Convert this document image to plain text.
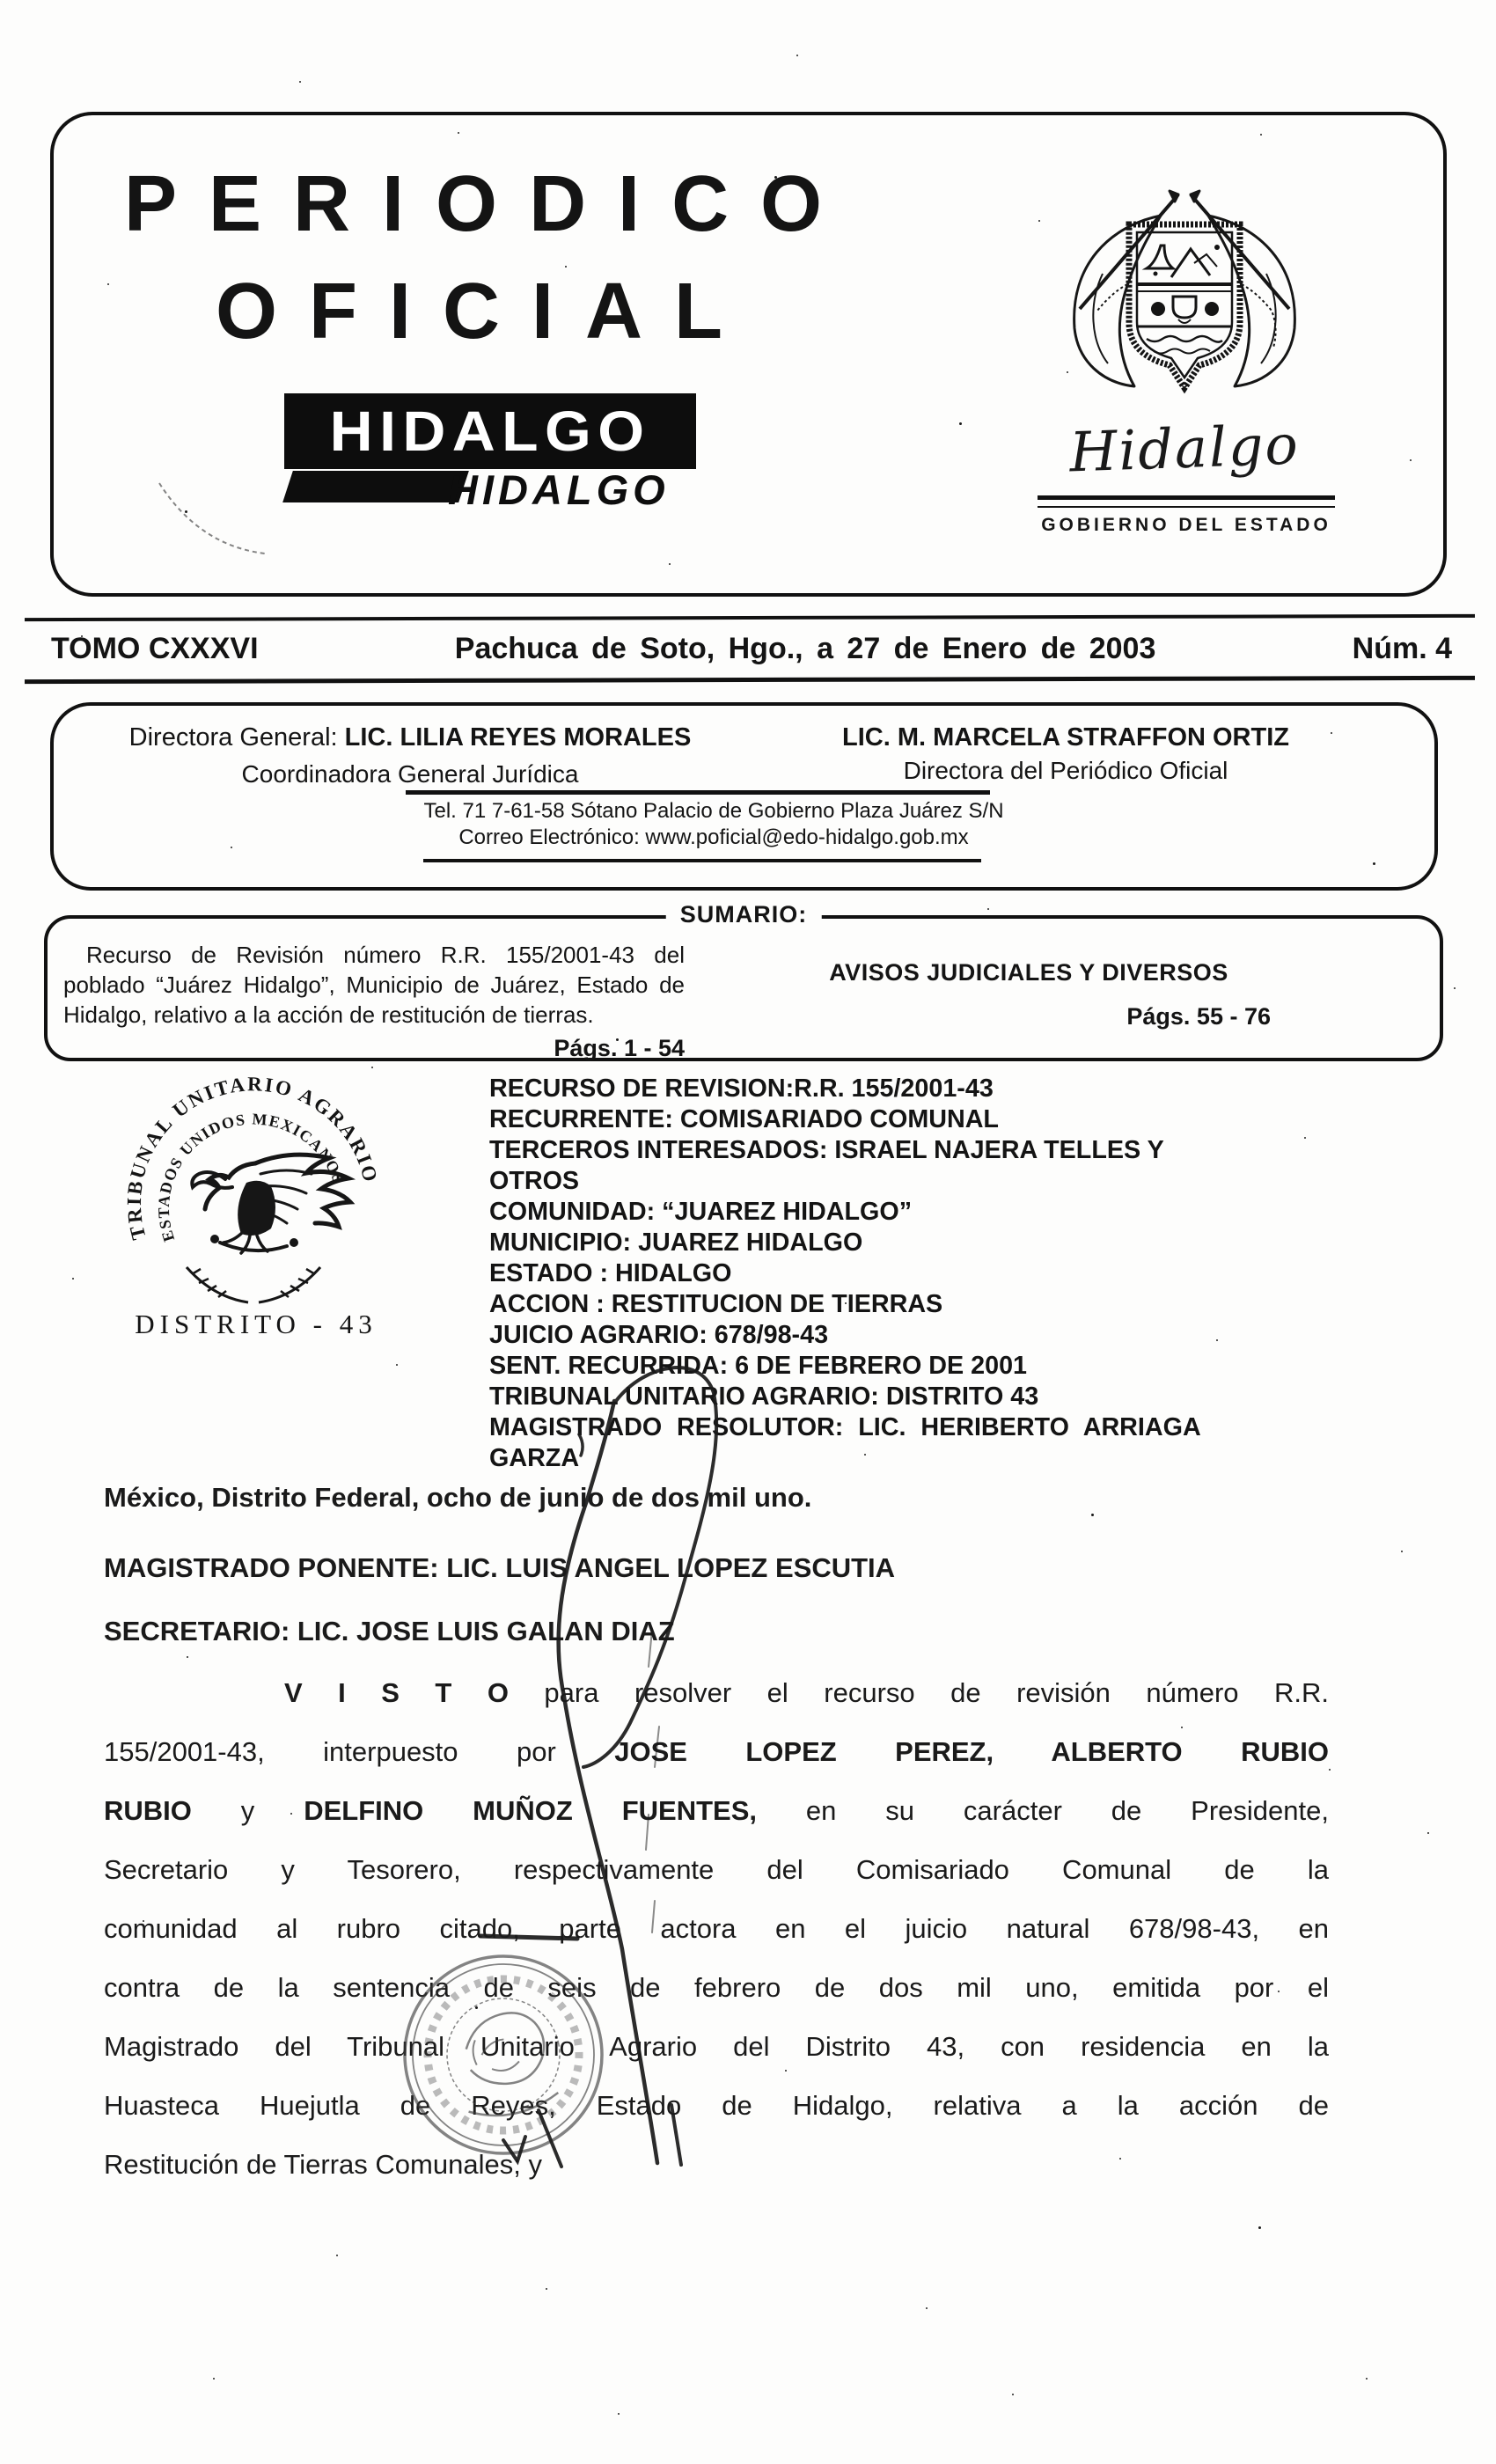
PERIODICO
OFICIAL
HIDALGO
HIDALGO
Hidalgo
GOBIERNO DEL ESTADO
TOMO CXXXVI	Pachuca de Soto, Hgo., a 27 de Enero de 2003	Núm. 4
Directora General: LIC. LILIA REYES MORALES
Coordinadora General Jurídica
LIC. M. MARCELA STRAFFON ORTIZ
Directora del Periódico Oficial
Tel. 71 7-61-58 Sótano Palacio de Gobierno Plaza Juárez S/N
Correo Electrónico: www.poficial@edo-hidalgo.gob.mx
SUMARIO:
Recurso de Revisión número R.R. 155/2001-43 del poblado “Juárez Hidalgo”, Municipio de Juárez, Estado de Hidalgo, relativo a la acción de restitución de tierras.
Págs. 1 - 54
AVISOS JUDICIALES Y DIVERSOS
Págs. 55 - 76
TRIBUNAL UNITARIO AGRARIO
ESTADOS UNIDOS MEXICANOS
DISTRITO - 43
RECURSO DE REVISION:R.R. 155/2001-43
RECURRENTE: COMISARIADO COMUNAL
TERCEROS INTERESADOS: ISRAEL NAJERA TELLES Y
OTROS
COMUNIDAD: “JUAREZ HIDALGO”
MUNICIPIO: JUAREZ HIDALGO
ESTADO : HIDALGO
ACCION : RESTITUCION DE TIERRAS
JUICIO AGRARIO: 678/98-43
SENT. RECURRIDA: 6 DE FEBRERO DE 2001
TRIBUNAL UNITARIO AGRARIO: DISTRITO 43
MAGISTRADO RESOLUTOR: LIC. HERIBERTO ARRIAGA
GARZA
México, Distrito Federal, ocho de junio de dos mil uno.
MAGISTRADO PONENTE: LIC. LUIS ANGEL LOPEZ ESCUTIA
SECRETARIO: LIC. JOSE LUIS GALAN DIAZ
V I S T O para resolver el recurso de revisión número R.R.
155/2001-43, interpuesto por JOSE LOPEZ PEREZ, ALBERTO RUBIO
RUBIO y DELFINO MUÑOZ FUENTES, en su carácter de Presidente,
Secretario y Tesorero, respectivamente del Comisariado Comunal de la
comunidad al rubro citado, parte actora en el juicio natural 678/98-43, en
contra de la sentencia de seis de febrero de dos mil uno, emitida por el
Magistrado del Tribunal Unitario Agrario del Distrito 43, con residencia en la
Huasteca Huejutla de Reyes, Estado de Hidalgo, relativa a la acción de
Restitución de Tierras Comunales; y
